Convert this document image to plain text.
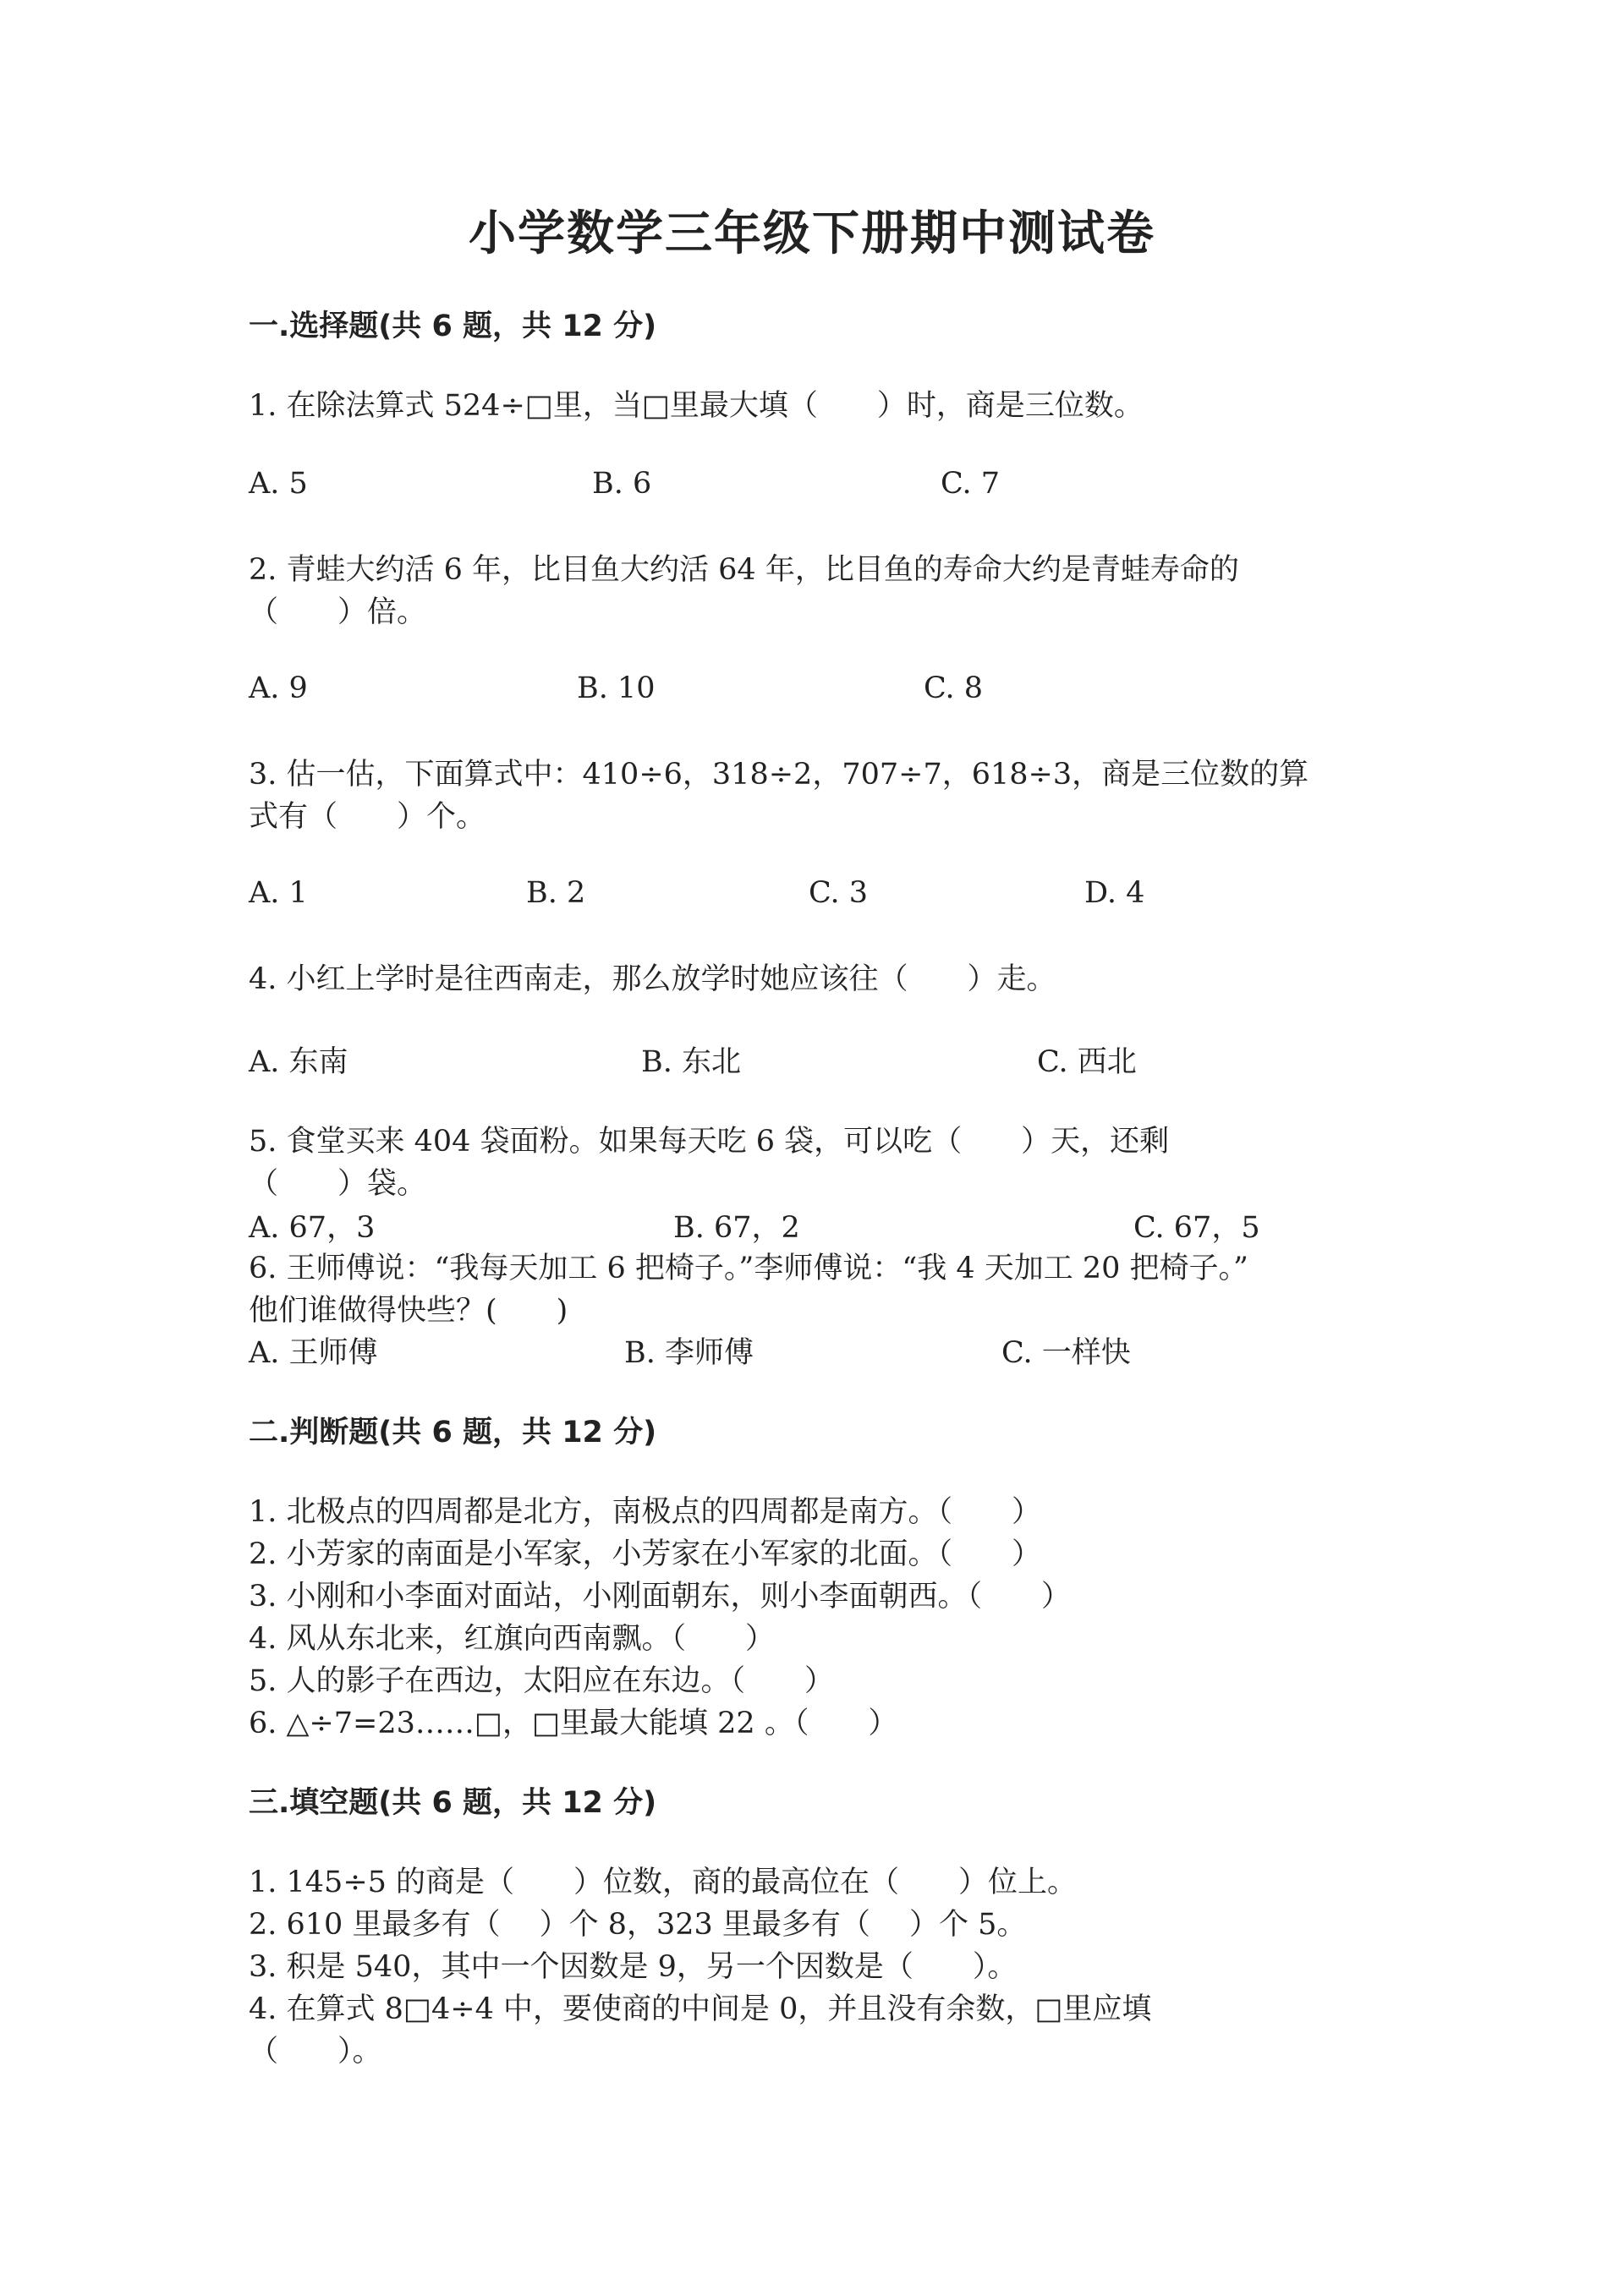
小学数学三年级下册期中测试卷
一.选择题(共 6 题，共 12 分)
1. 在除法算式 524÷□里，当□里最大填（　　）时，商是三位数。
A. 5	B. 6	C. 7
2. 青蛙大约活 6 年，比目鱼大约活 64 年，比目鱼的寿命大约是青蛙寿命的
（　　）倍。
A. 9	B. 10	C. 8
3. 估一估，下面算式中：410÷6，318÷2，707÷7，618÷3，商是三位数的算
式有（　　）个。
A. 1	B. 2	C. 3	D. 4
4. 小红上学时是往西南走，那么放学时她应该往（　　）走。
A. 东南	B. 东北	C. 西北
5. 食堂买来 404 袋面粉。如果每天吃 6 袋，可以吃（　　）天，还剩
（　　）袋。
A. 67，3	B. 67，2	C. 67，5
6. 王师傅说：“我每天加工 6 把椅子。”李师傅说：“我 4 天加工 20 把椅子。”
他们谁做得快些？(　　)
A. 王师傅	B. 李师傅	C. 一样快
二.判断题(共 6 题，共 12 分)
1. 北极点的四周都是北方，南极点的四周都是南方。（　　）
2. 小芳家的南面是小军家，小芳家在小军家的北面。（　　）
3. 小刚和小李面对面站，小刚面朝东，则小李面朝西。（　　）
4. 风从东北来，红旗向西南飘。（　　）
5. 人的影子在西边，太阳应在东边。（　　）
6. △÷7=23……□，□里最大能填 22 。（　　）
三.填空题(共 6 题，共 12 分)
1. 145÷5 的商是（　　）位数，商的最高位在（　　）位上。
2. 610 里最多有（　 ）个 8，323 里最多有（　 ）个 5。
3. 积是 540，其中一个因数是 9，另一个因数是（　　）。
4. 在算式 8□4÷4 中，要使商的中间是 0，并且没有余数，□里应填
（　　）。
